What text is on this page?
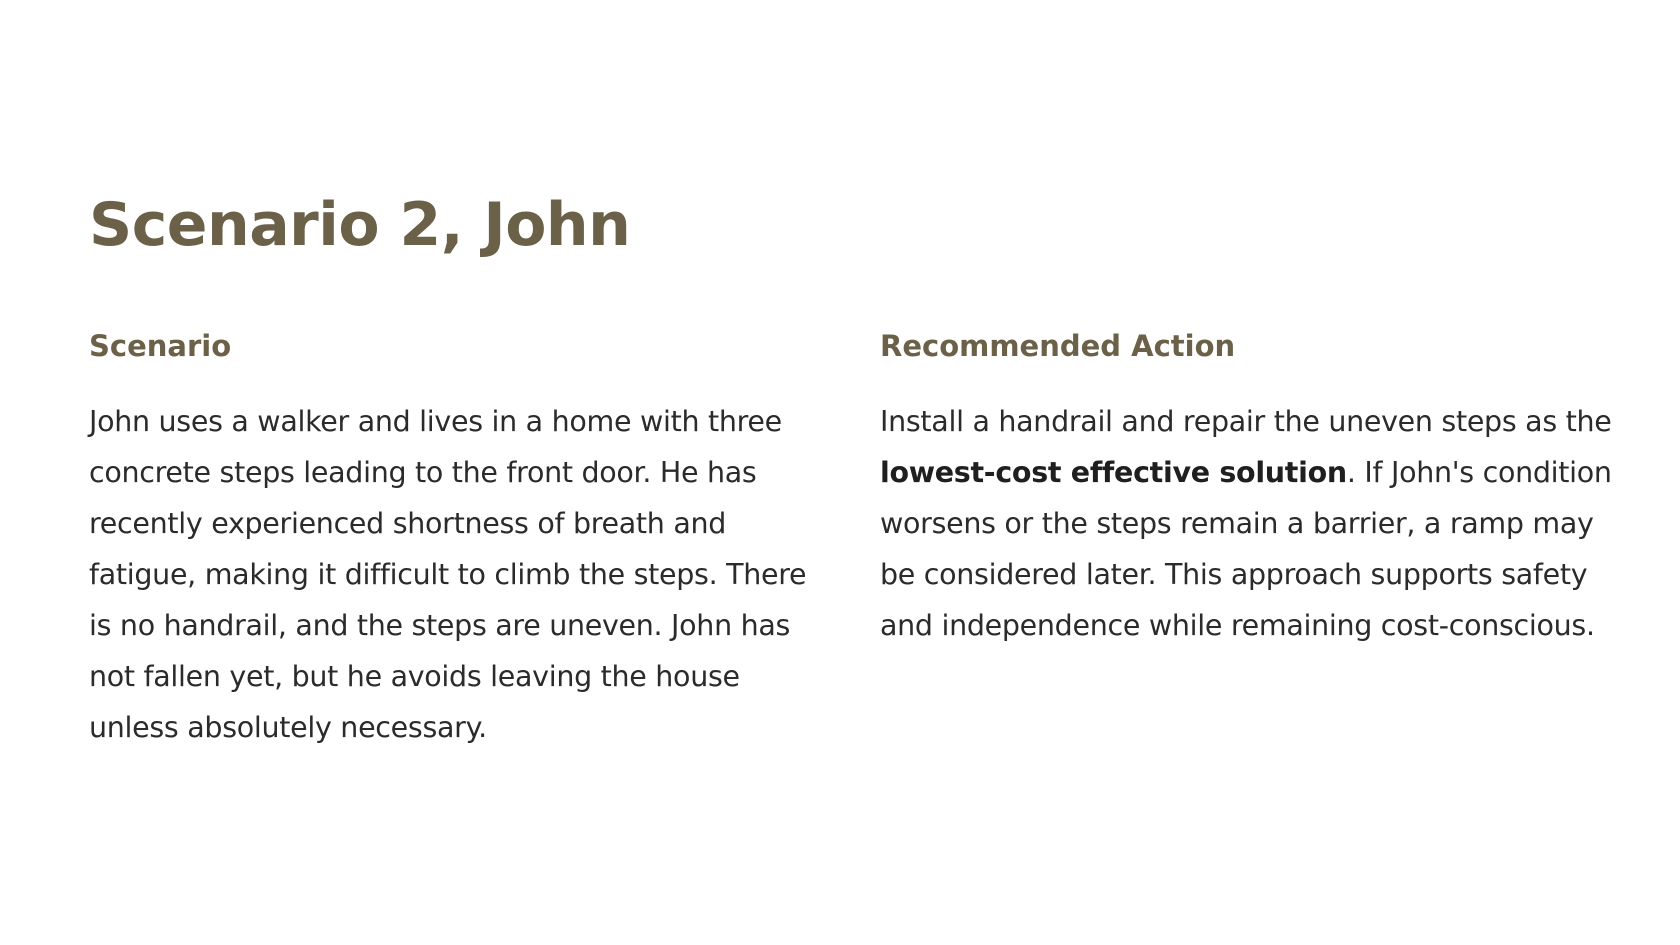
Scenario 2, John
Scenario

John uses a walker and lives in a home with three concrete steps leading to the front door. He has recently experienced shortness of breath and fatigue, making it difficult to climb the steps. There is no handrail, and the steps are uneven. John has not fallen yet, but he avoids leaving the house unless absolutely necessary.

Recommended Action

Install a handrail and repair the uneven steps as the lowest-cost effective solution. If John's condition worsens or the steps remain a barrier, a ramp may be considered later. This approach supports safety and independence while remaining cost-conscious.
